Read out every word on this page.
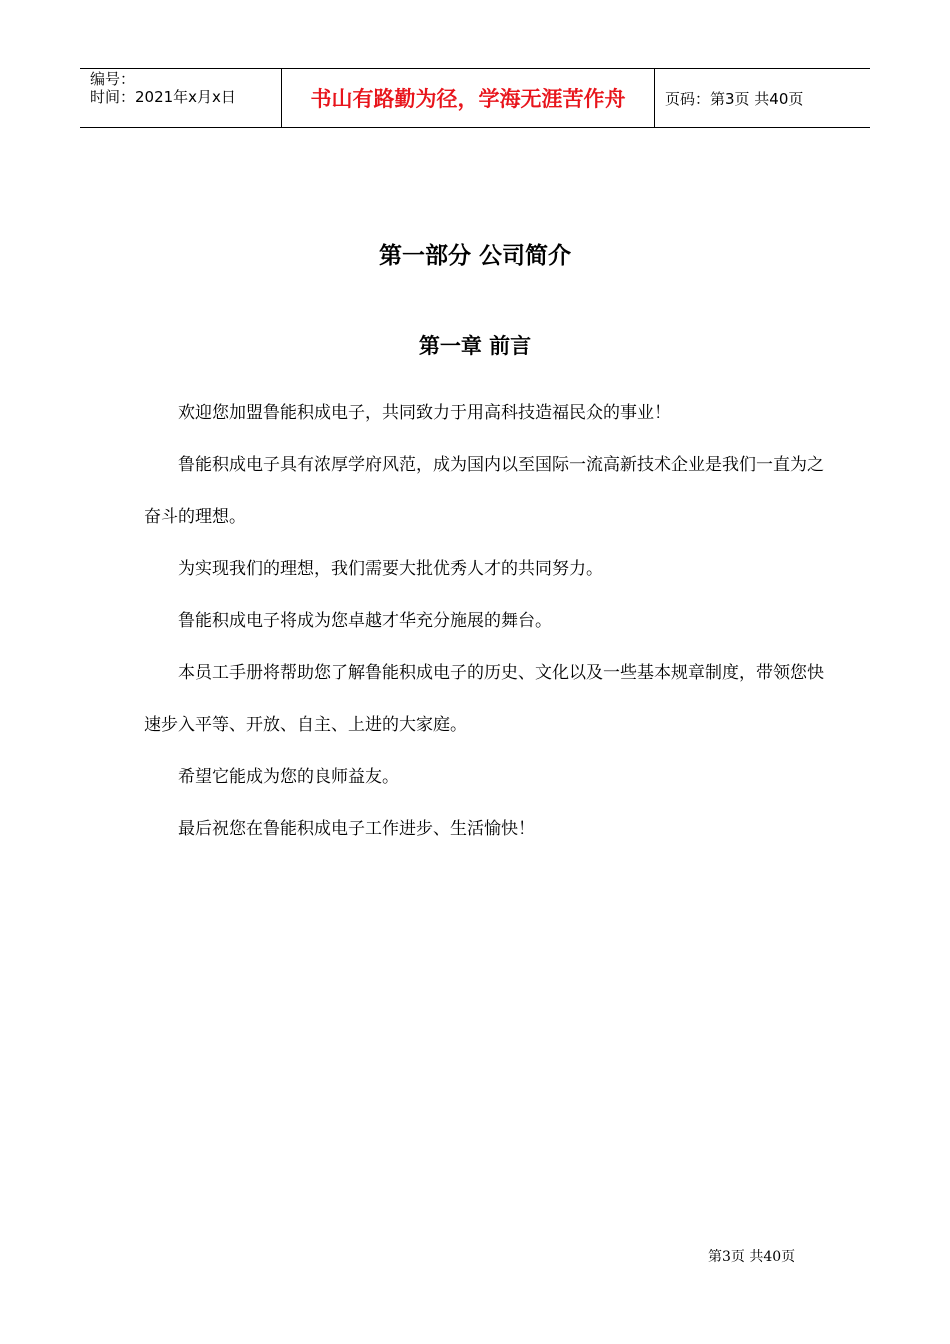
编号：
时间：2021年x月x日	书山有路勤为径，学海无涯苦作舟	页码：第3页 共40页
第一部分 公司简介
第一章 前言

欢迎您加盟鲁能积成电子，共同致力于用高科技造福民众的事业！

鲁能积成电子具有浓厚学府风范，成为国内以至国际一流高新技术企业是我们一直为之奋斗的理想。

为实现我们的理想，我们需要大批优秀人才的共同努力。

鲁能积成电子将成为您卓越才华充分施展的舞台。

本员工手册将帮助您了解鲁能积成电子的历史、文化以及一些基本规章制度，带领您快速步入平等、开放、自主、上进的大家庭。

希望它能成为您的良师益友。

最后祝您在鲁能积成电子工作进步、生活愉快！

第3页 共40页
